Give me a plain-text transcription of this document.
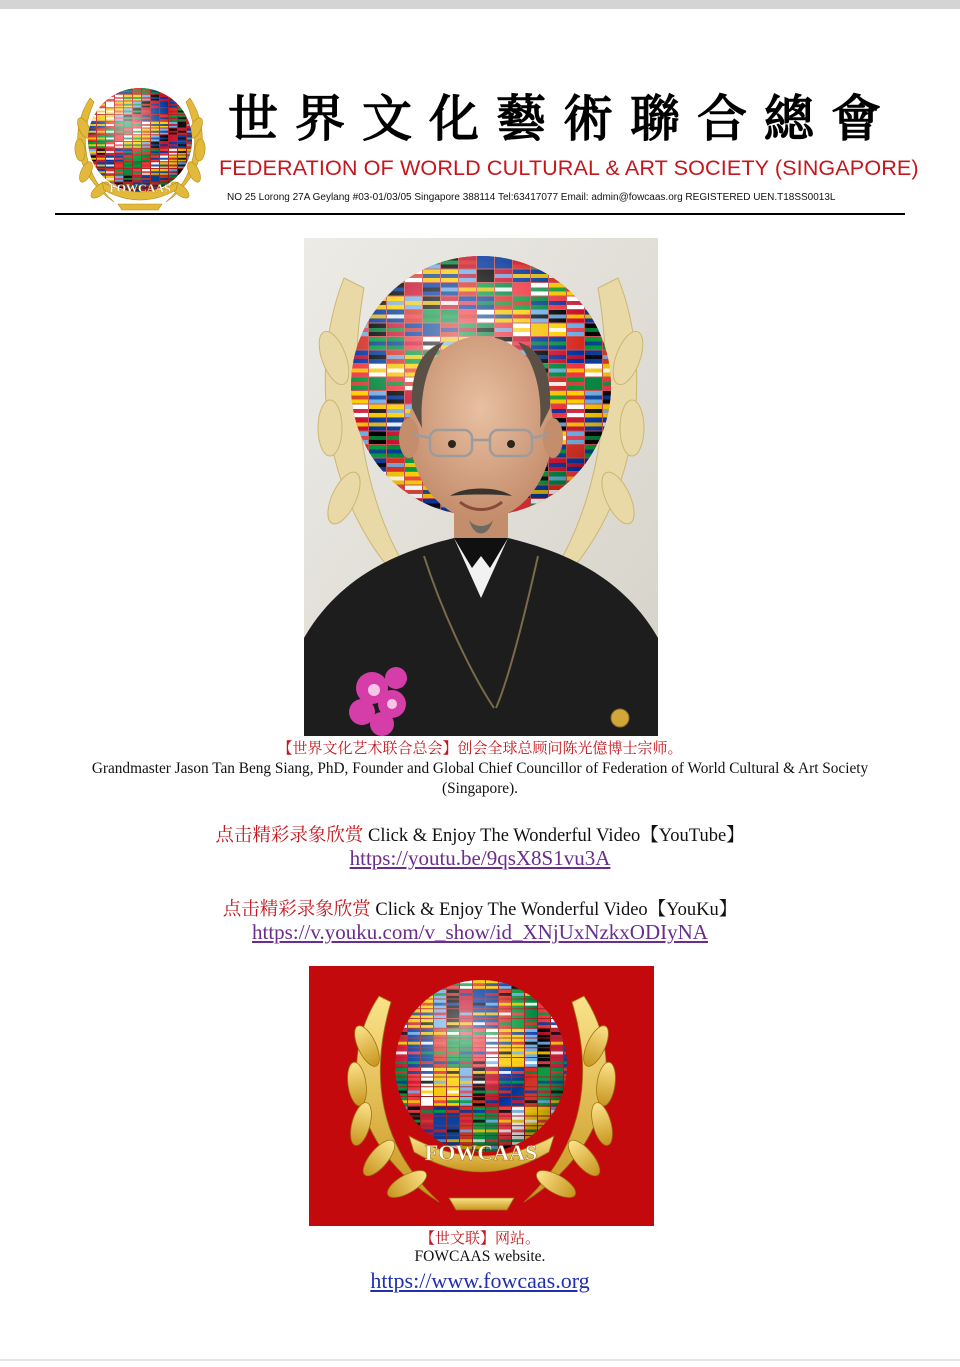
FOWCAAS
世界文化藝術聯合總會
FEDERATION OF WORLD CULTURAL & ART SOCIETY (SINGAPORE)
NO 25 Lorong 27A Geylang #03-01/03/05 Singapore 388114 Tel:63417077 Email: admin@fowcaas.org REGISTERED UEN.T18SS0013L
【世界文化艺术联合总会】创会全球总顾问陈光億博士宗师。
Grandmaster Jason Tan Beng Siang, PhD, Founder and Global Chief Councillor of Federation of World Cultural & Art Society (Singapore).
点击精彩录象欣赏 Click & Enjoy The Wonderful Video【YouTube】
https://youtu.be/9qsX8S1vu3A
点击精彩录象欣赏 Click & Enjoy The Wonderful Video【YouKu】
https://v.youku.com/v_show/id_XNjUxNzkxODIyNA
FOWCAAS
【世文联】网站。
FOWCAAS website.
https://www.fowcaas.org
